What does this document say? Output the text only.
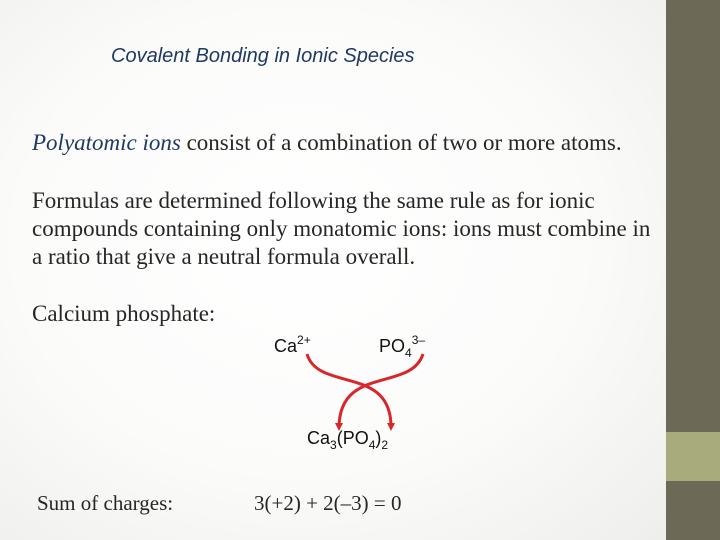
Covalent Bonding in Ionic Species
Polyatomic ions consist of a combination of two or more atoms.
Formulas are determined following the same rule as for ionic
compounds containing only monatomic ions: ions must combine in
a ratio that give a neutral formula overall.
Calcium phosphate:
$Ca^{2+}$	$PO_4^{3-}$
$Ca_3(PO_4)_2$
Sum of charges:	3(+2) + 2(–3) = 0
